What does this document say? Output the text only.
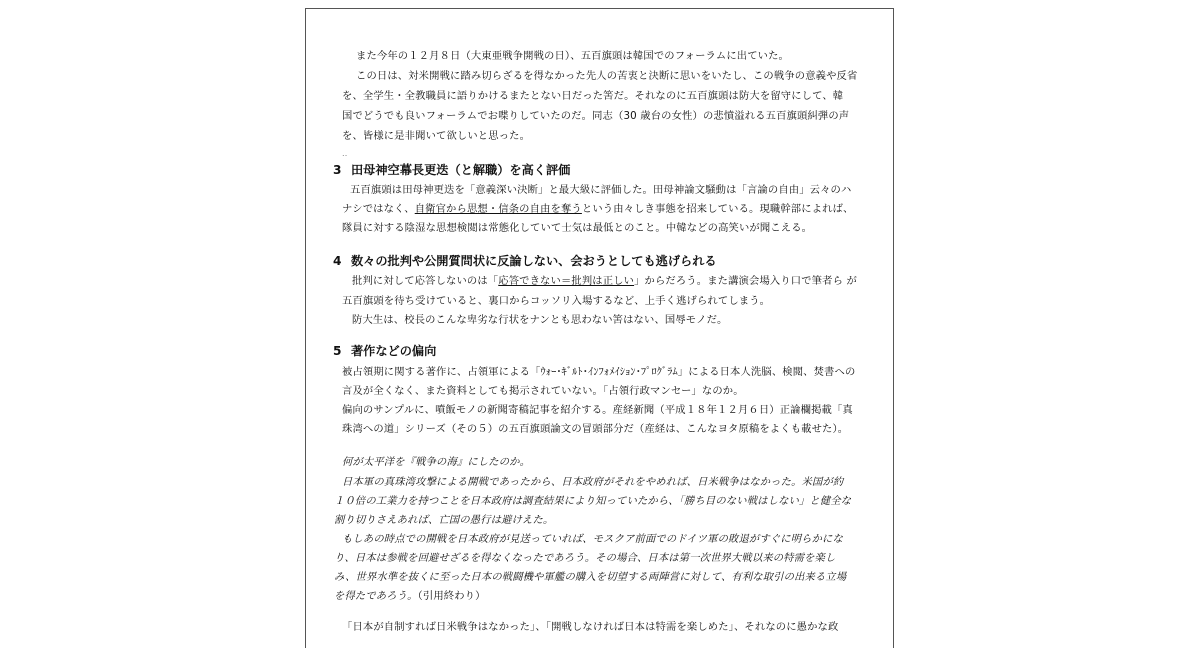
また今年の１２月８日（大東亜戦争開戦の日）、五百旗頭は韓国でのフォーラムに出ていた。
この日は、対米開戦に踏み切らざるを得なかった先人の苦衷と決断に思いをいたし、この戦争の意義や反省
を、全学生・全教職員に語りかけるまたとない日だった筈だ。それなのに五百旗頭は防大を留守にして、韓
国でどうでも良いフォーラムでお喋りしていたのだ。同志（30 歳台の女性）の悲憤溢れる五百旗頭糾弾の声
を、皆様に是非聞いて欲しいと思った。
..
3 田母神空幕長更迭（と解職）を高く評価
五百旗頭は田母神更迭を「意義深い決断」と最大級に評価した。田母神論文騒動は「言論の自由」云々のハ
ナシではなく、自衛官から思想・信条の自由を奪うという由々しき事態を招来している。現職幹部によれば、
隊員に対する陰湿な思想検閲は常態化していて士気は最低とのこと。中韓などの高笑いが聞こえる。
4 数々の批判や公開質問状に反論しない、会おうとしても逃げられる
批判に対して応答しないのは「応答できない＝批判は正しい」からだろう。また講演会場入り口で筆者ら が
五百旗頭を待ち受けていると、裏口からコッソリ入場するなど、上手く逃げられてしまう。
防大生は、校長のこんな卑劣な行状をナンとも思わない筈はない、国辱モノだ。
5 著作などの偏向
被占領期に関する著作に、占領軍による「ｳｫｰ･ｷﾞﾙﾄ･ｲﾝﾌｫﾒｲｼｮﾝ･ﾌﾟﾛｸﾞﾗﾑ」による日本人洗脳、検閲、焚書への
言及が全くなく、また資料としても掲示されていない。「占領行政マンセー」なのか。
偏向のサンプルに、噴飯モノの新聞寄稿記事を紹介する。産経新聞（平成１８年１２月６日）正論欄掲載「真
珠湾への道」シリーズ（その５）の五百旗頭論文の冒頭部分だ（産経は、こんなヨタ原稿をよくも載せた）。
何が太平洋を『戦争の海』にしたのか。
日本軍の真珠湾攻撃による開戦であったから、日本政府がそれをやめれば、日米戦争はなかった。米国が約
１０倍の工業力を持つことを日本政府は調査結果により知っていたから、「勝ち目のない戦はしない」と健全な
割り切りさえあれば、亡国の愚行は避けえた。
もしあの時点での開戦を日本政府が見送っていれば、モスクア前面でのドイツ軍の敗退がすぐに明らかにな
り、日本は参戦を回避せざるを得なくなったであろう。その場合、日本は第一次世界大戦以来の特需を楽し
み、世界水準を抜くに至った日本の戦闘機や軍艦の購入を切望する両陣営に対して、有利な取引の出来る立場
を得たであろう。（引用終わり）
「日本が自制すれば日米戦争はなかった」、「開戦しなければ日本は特需を楽しめた」、それなのに愚かな政
